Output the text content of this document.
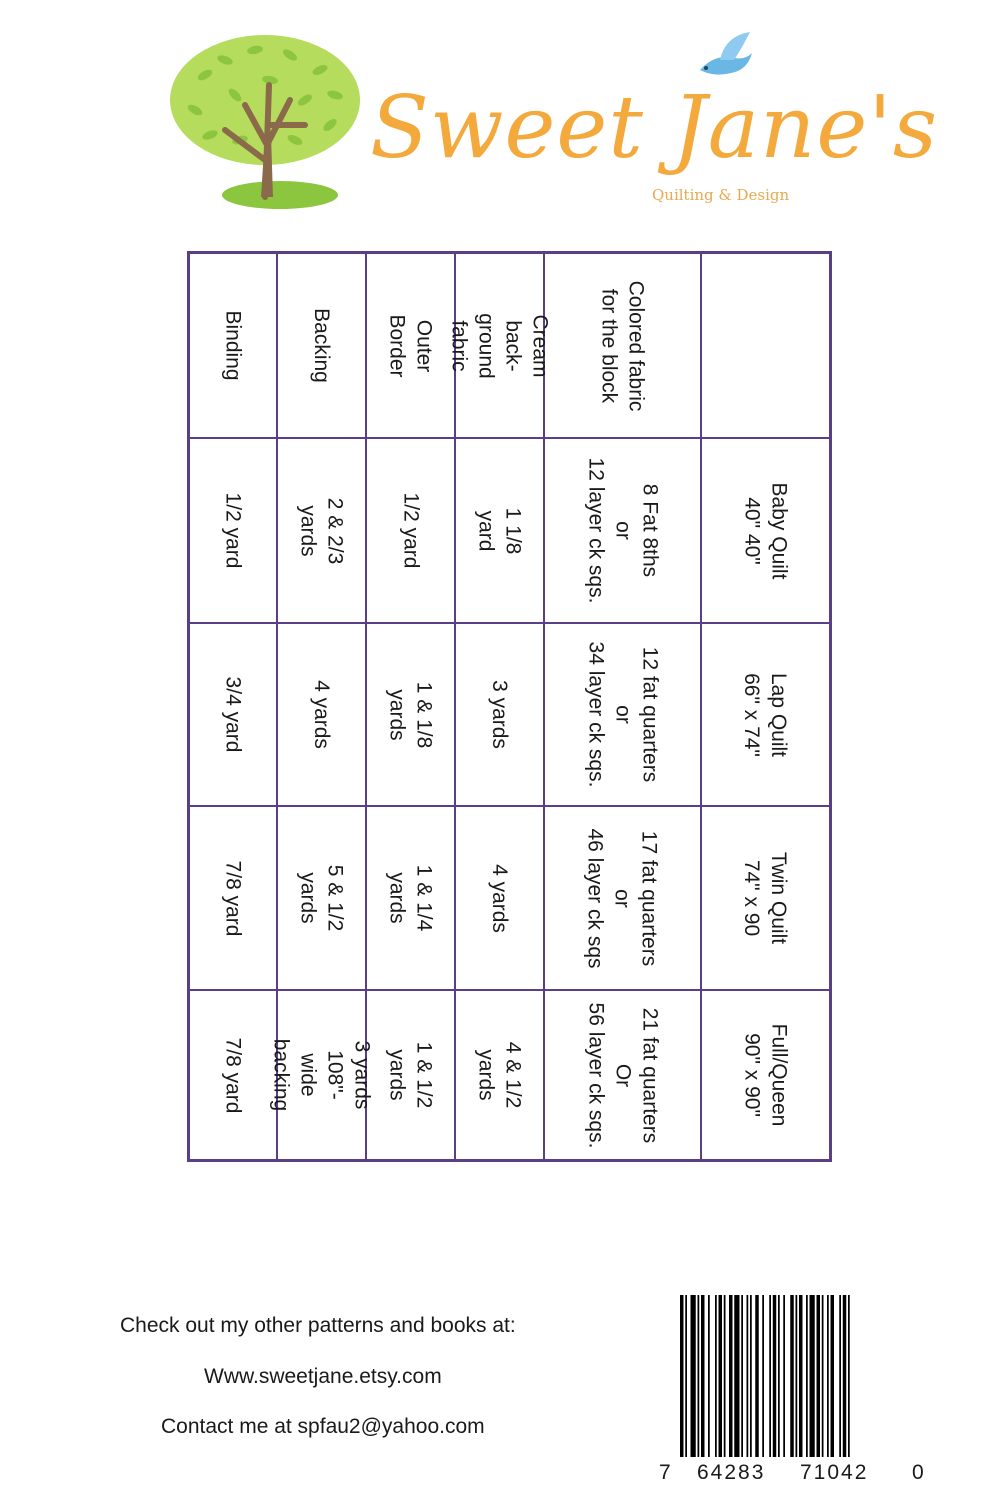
Sweet Jane's
Quilting & Design
Colored fabric
for the block
Cream back-
ground fabric
Outer Border
Backing
Binding
Baby Quilt
40" 40"
8 Fat 8ths
or
12 layer ck sqs.
1 1/8 yard
1/2 yard
2 & 2/3 yards
1/2 yard
Lap Quilt
66" x 74"
12 fat quarters
or
34 layer ck sqs.
3 yards
1 & 1/8 yards
4 yards
3/4 yard
Twin Quilt
74" x 90
17 fat quarters
or
46 layer ck sqs
4 yards
1 & 1/4 yards
5 & 1/2 yards
7/8 yard
Full/Queen
90" x 90"
21 fat quarters
Or
56 layer ck sqs.
4 & 1/2 yards
1 & 1/2 yards
3 yards 108"-
wide backing
7/8 yard
Check out my other patterns and books at:
Www.sweetjane.etsy.com
Contact me at spfau2@yahoo.com
7 64283 71042 0
